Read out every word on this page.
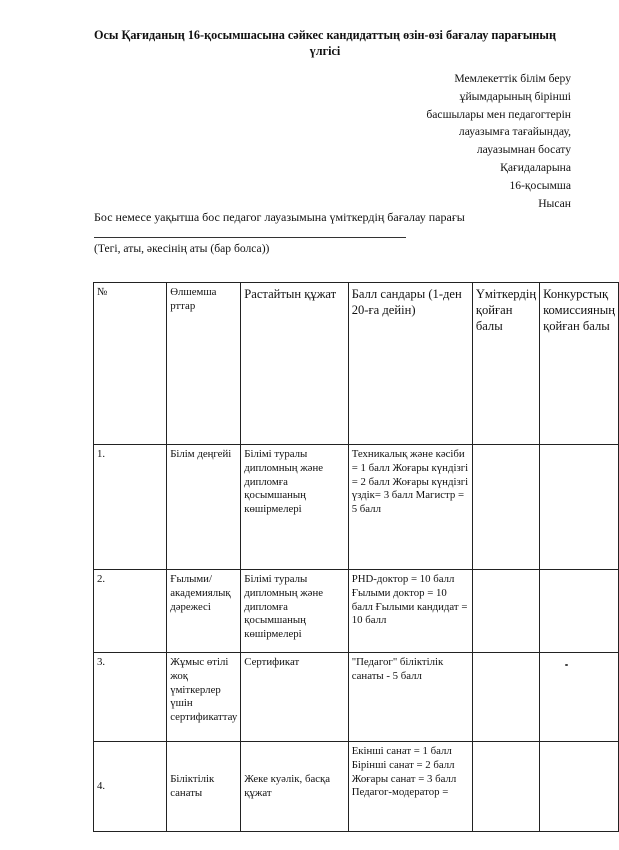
Осы Қағиданың 16-қосымшасына сәйкес кандидаттың өзін-өзі бағалау парағының үлгісі
Мемлекеттік білім беру
ұйымдарының бірінші
басшылары мен педагогтерін
лауазымға тағайындау,
лауазымнан босату
Қағидаларына
16-қосымша
Нысан
Бос немесе уақытша бос педагог лауазымына үміткердің бағалау парағы
(Тегі, аты, әкесінің аты (бар болса))
№	Өлшемша рттар	Растайтын құжат	Балл сандары (1-ден 20-ға дейін)	Үміткердің қойған балы	Конкурстық комиссияның қойған балы
1.	Білім деңгейі	Білімі туралы дипломның және дипломға қосымшаның көшірмелері	Техникалық және кәсіби = 1 балл Жоғары күндізгі = 2 балл Жоғары күндізгі үздік= 3 балл Магистр = 5 балл		
2.	Ғылыми/академиялық дәрежесі	Білімі туралы дипломның және дипломға қосымшаның көшірмелері	PHD-доктор = 10 балл Ғылыми доктор = 10 балл Ғылыми кандидат = 10 балл		
3.	Жұмыс өтілі жоқ үміткерлер үшін сертификаттау	Сертификат	"Педагог" біліктілік санаты - 5 балл		
4.	Біліктілік санаты	Жеке куәлік, басқа құжат	Екінші санат = 1 балл Бірінші санат = 2 балл Жоғары санат = 3 балл Педагог-модератор =		
